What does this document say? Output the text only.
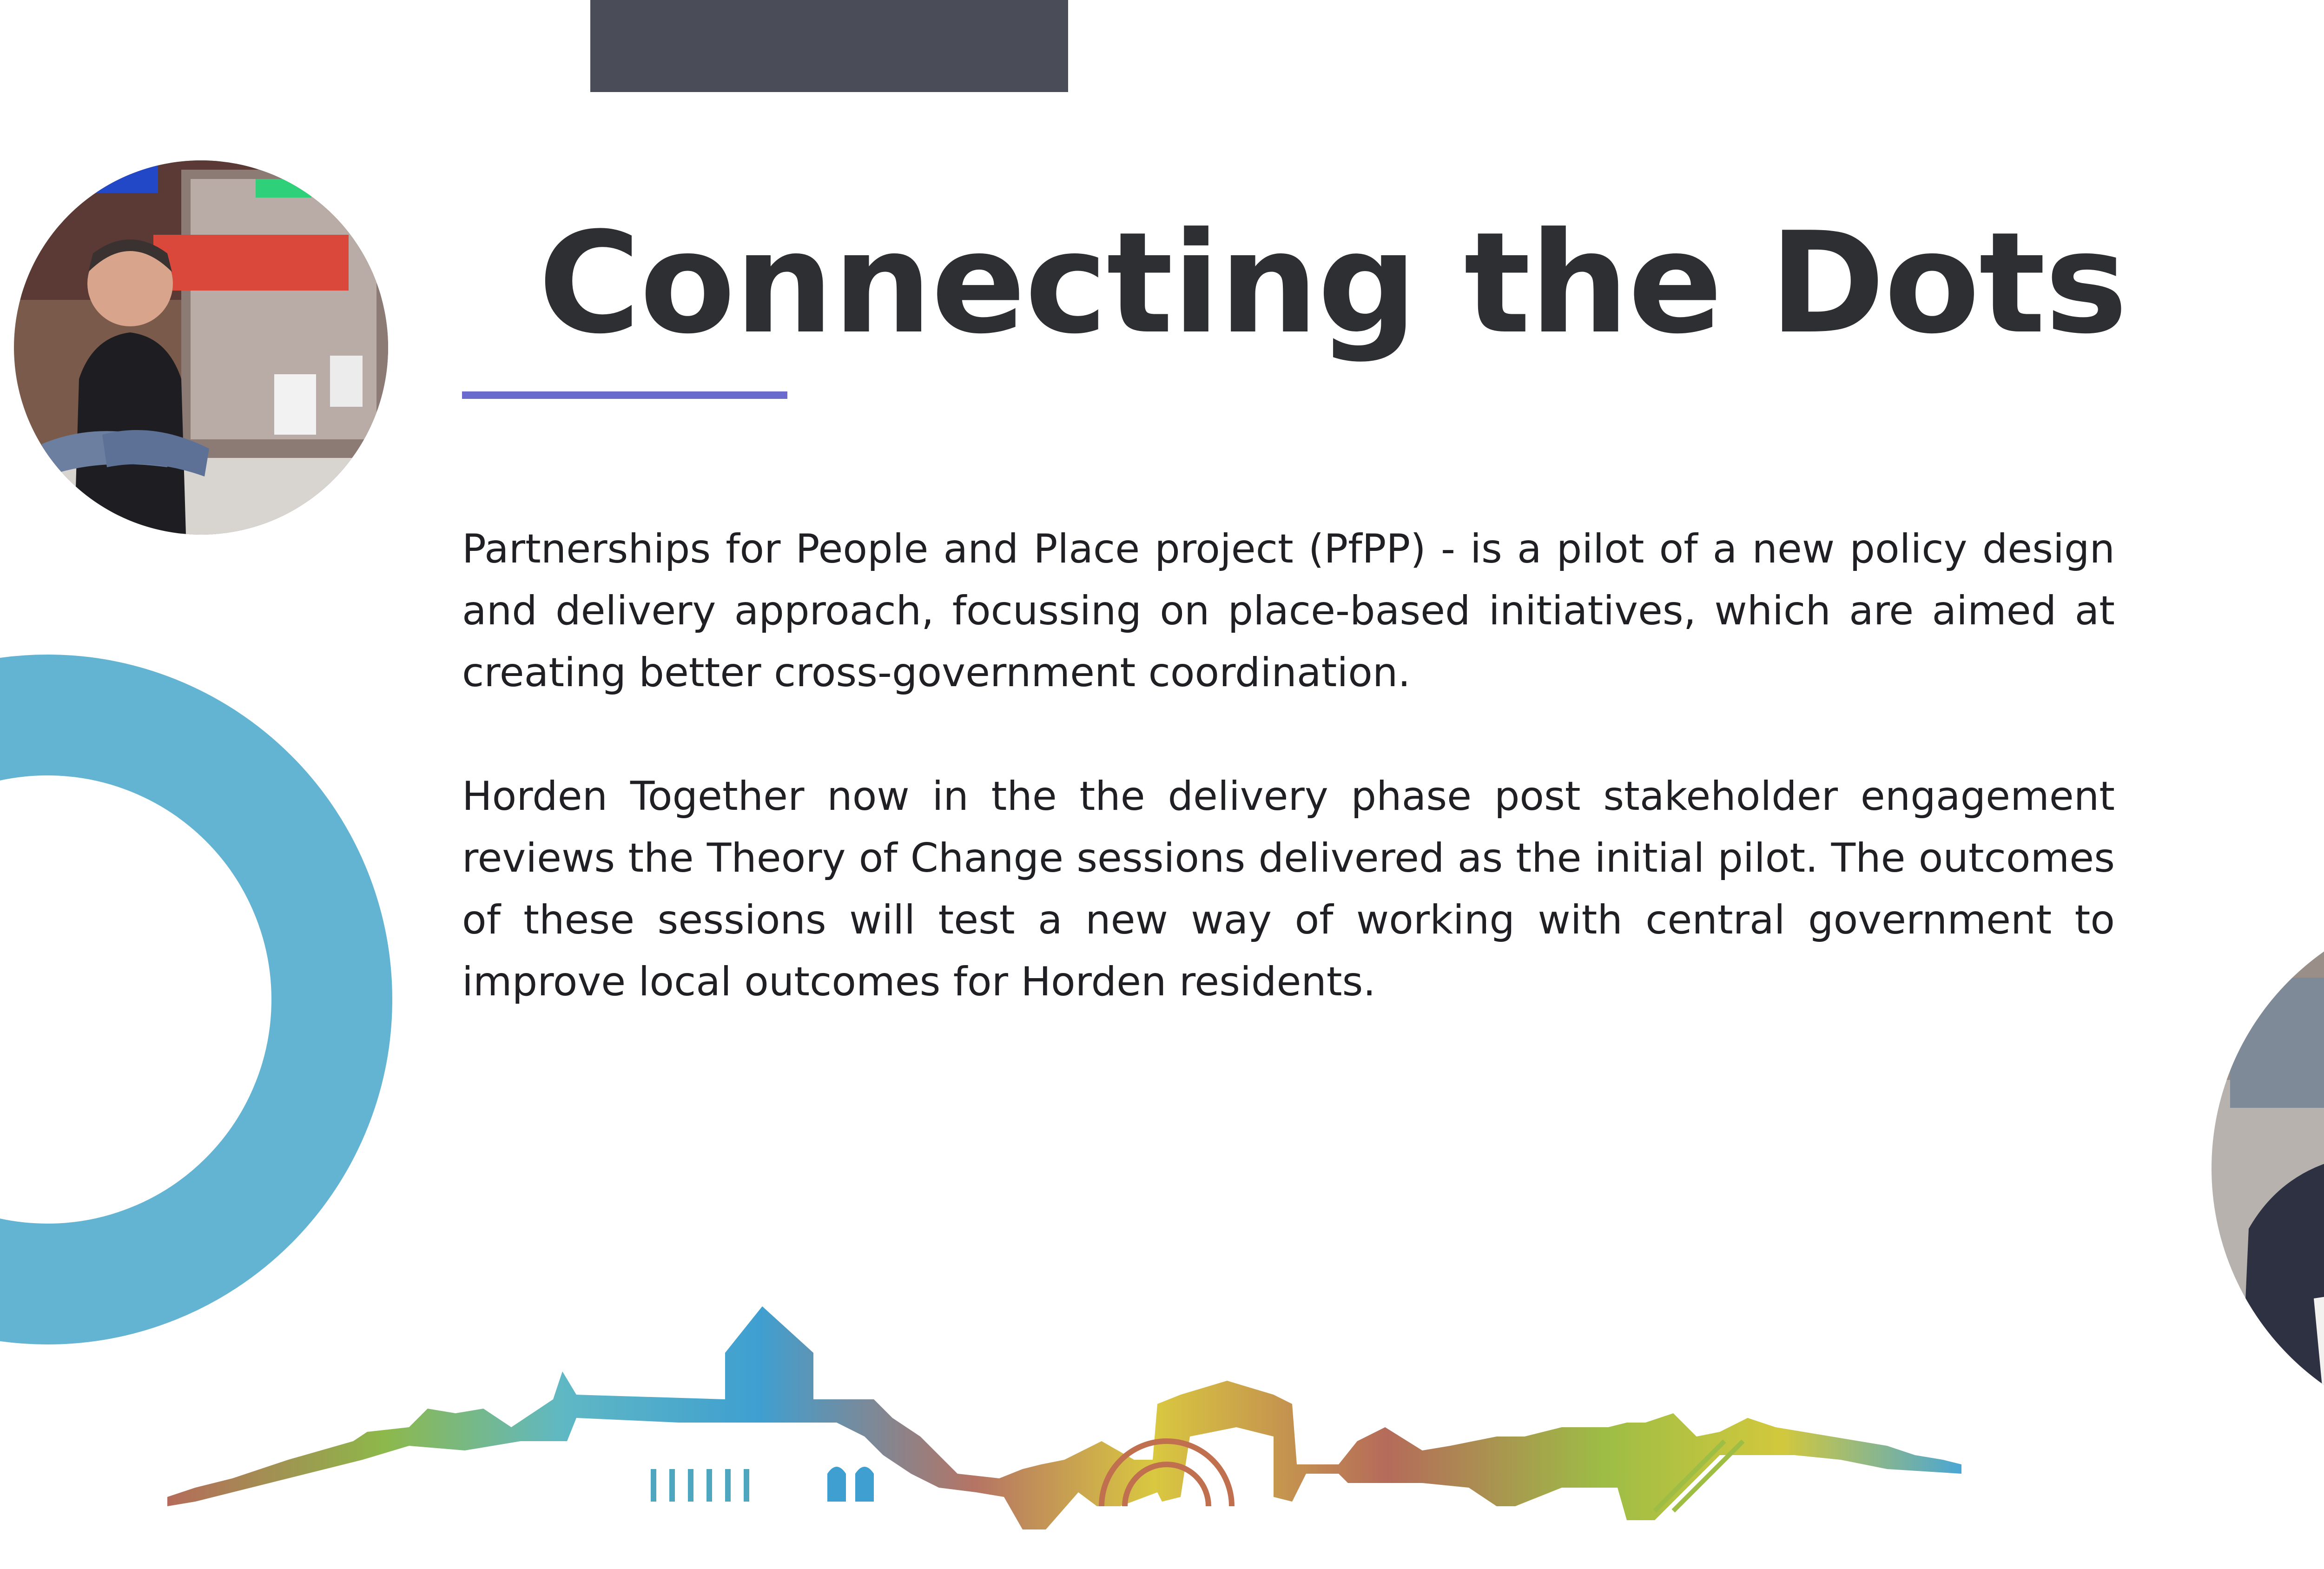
Connecting the Dots

Partnerships for People and Place project (PfPP) - is a pilot of a new policy design and delivery approach, focussing on place-based initiatives, which are aimed at creating better cross-government coordination.

Horden Together now in the the delivery phase post stakeholder engagement reviews the Theory of Change sessions delivered as the initial pilot. The outcomes of these sessions will test a new way of working with central government to improve local outcomes for Horden residents.
